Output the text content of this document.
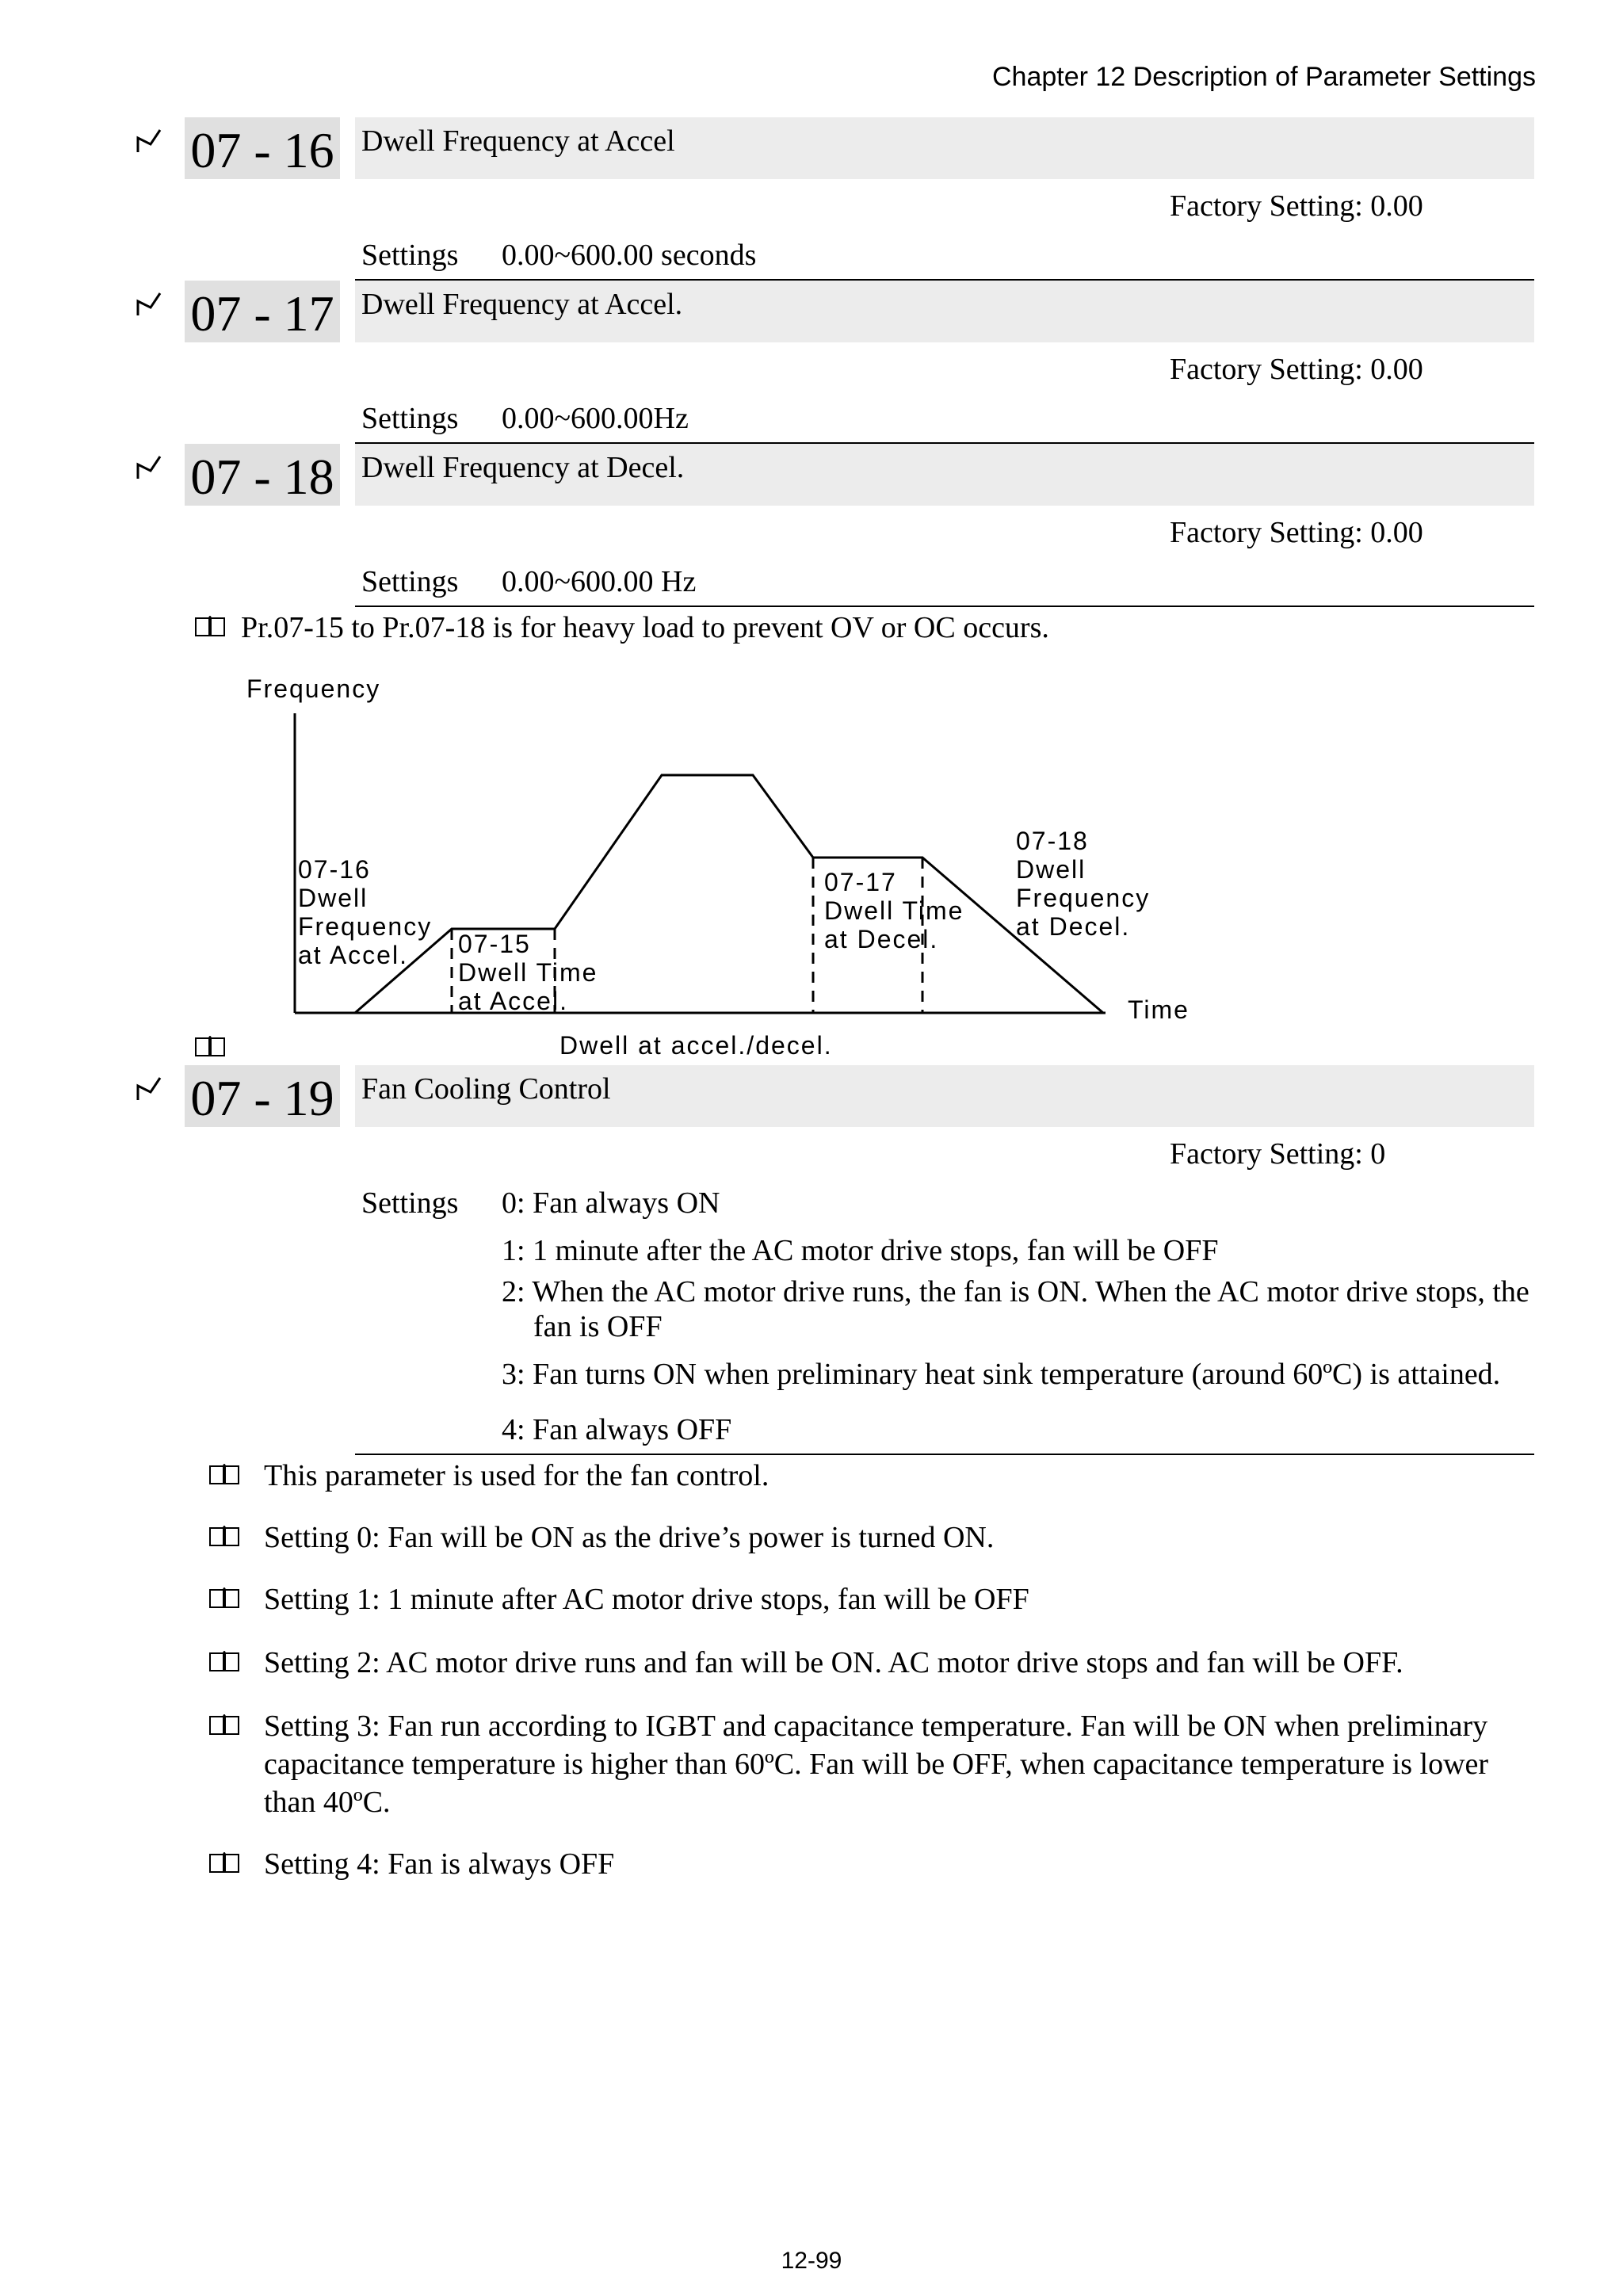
Chapter 12 Description of Parameter Settings
07 - 16 Dwell Frequency at Accel
Factory Setting: 0.00
Settings 0.00~600.00 seconds
07 - 17 Dwell Frequency at Accel.
Factory Setting: 0.00
Settings 0.00~600.00Hz
07 - 18 Dwell Frequency at Decel.
Factory Setting: 0.00
Settings 0.00~600.00 Hz
Pr.07-15 to Pr.07-18 is for heavy load to prevent OV or OC occurs.
Frequency
Time
07-16
Dwell
Frequency
at Accel. 07-15
Dwell Time
at Accel.
07-17
Dwell Time
at Decel.
07-18
Dwell
Frequency
at Decel.
Dwell at accel./decel.
07 - 19 Fan Cooling Control
Factory Setting: 0
Settings 0: Fan always ON
1: 1 minute after the AC motor drive stops, fan will be OFF
2: When the AC motor drive runs, the fan is ON. When the AC motor drive stops, the fan is OFF
3: Fan turns ON when preliminary heat sink temperature (around 60ºC) is attained.
4: Fan always OFF
This parameter is used for the fan control.
Setting 0: Fan will be ON as the drive’s power is turned ON.
Setting 1: 1 minute after AC motor drive stops, fan will be OFF
Setting 2: AC motor drive runs and fan will be ON. AC motor drive stops and fan will be OFF.
Setting 3: Fan run according to IGBT and capacitance temperature. Fan will be ON when preliminary capacitance temperature is higher than 60ºC. Fan will be OFF, when capacitance temperature is lower than 40ºC.
Setting 4: Fan is always OFF
12-99
